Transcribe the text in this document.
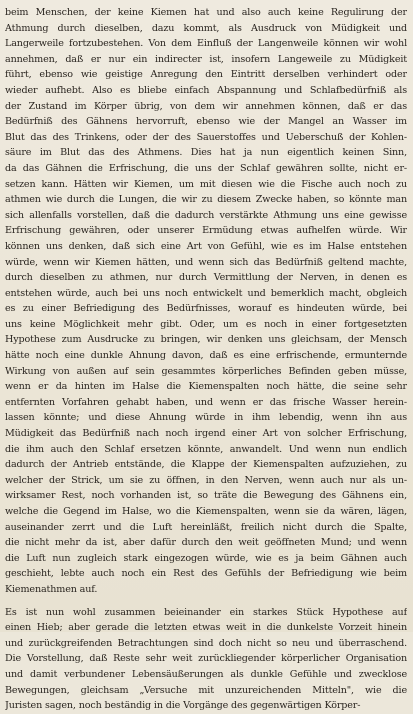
beim Menschen, der keine Kiemen hat und also auch keine Regulirung der
Athmung durch dieselben, dazu kommt, als Ausdruck von Müdigkeit und
Langerweile fortzubestehen. Von dem Einfluß der Langenweile können wir wohl
annehmen, daß er nur ein indirecter ist, insofern Langeweile zu Müdigkeit
führt, ebenso wie geistige Anregung den Eintritt derselben verhindert oder
wieder aufhebt. Also es bliebe einfach Abspannung und Schlafbedürfniß als
der Zustand im Körper übrig, von dem wir annehmen können, daß er das
Bedürfniß des Gähnens hervorruft, ebenso wie der Mangel an Wasser im
Blut das des Trinkens, oder der des Sauerstoffes und Ueberschuß der Kohlen-
säure im Blut das des Athmens. Dies hat ja nun eigentlich keinen Sinn,
da das Gähnen die Erfrischung, die uns der Schlaf gewähren sollte, nicht er-
setzen kann. Hätten wir Kiemen, um mit diesen wie die Fische auch noch zu
athmen wie durch die Lungen, die wir zu diesem Zwecke haben, so könnte man
sich allenfalls vorstellen, daß die dadurch verstärkte Athmung uns eine gewisse
Erfrischung gewähren, oder unserer Ermüdung etwas aufhelfen würde. Wir
können uns denken, daß sich eine Art von Gefühl, wie es im Halse entstehen
würde, wenn wir Kiemen hätten, und wenn sich das Bedürfniß geltend machte,
durch dieselben zu athmen, nur durch Vermittlung der Nerven, in denen es
entstehen würde, auch bei uns noch entwickelt und bemerklich macht, obgleich
es zu einer Befriedigung des Bedürfnisses, worauf es hindeuten würde, bei
uns keine Möglichkeit mehr gibt. Oder, um es noch in einer fortgesetzten
Hypothese zum Ausdrucke zu bringen, wir denken uns gleichsam, der Mensch
hätte noch eine dunkle Ahnung davon, daß es eine erfrischende, ermunternde
Wirkung von außen auf sein gesammtes körperliches Befinden geben müsse,
wenn er da hinten im Halse die Kiemenspalten noch hätte, die seine sehr
entfernten Vorfahren gehabt haben, und wenn er das frische Wasser herein-
lassen könnte; und diese Ahnung würde in ihm lebendig, wenn ihn aus
Müdigkeit das Bedürfniß nach noch irgend einer Art von solcher Erfrischung,
die ihm auch den Schlaf ersetzen könnte, anwandelt. Und wenn nun endlich
dadurch der Antrieb entstände, die Klappe der Kiemenspalten aufzuziehen, zu
welcher der Strick, um sie zu öffnen, in den Nerven, wenn auch nur als un-
wirksamer Rest, noch vorhanden ist, so träte die Bewegung des Gähnens ein,
welche die Gegend im Halse, wo die Kiemenspalten, wenn sie da wären, lägen,
auseinander zerrt und die Luft hereinläßt, freilich nicht durch die Spalte,
die nicht mehr da ist, aber dafür durch den weit geöffneten Mund; und wenn
die Luft nun zugleich stark eingezogen würde, wie es ja beim Gähnen auch
geschieht, lebte auch noch ein Rest des Gefühls der Befriedigung wie beim
Kiemenathmen auf.
Es ist nun wohl zusammen beieinander ein starkes Stück Hypothese auf
einen Hieb; aber gerade die letzten etwas weit in die dunkelste Vorzeit hinein
und zurückgreifenden Betrachtungen sind doch nicht so neu und überraschend.
Die Vorstellung, daß Reste sehr weit zurückliegender körperlicher Organisation
und damit verbundener Lebensäußerungen als dunkle Gefühle und zwecklose
Bewegungen, gleichsam „Versuche mit unzureichenden Mitteln", wie die
Juristen sagen, noch beständig in die Vorgänge des gegenwärtigen Körper-
